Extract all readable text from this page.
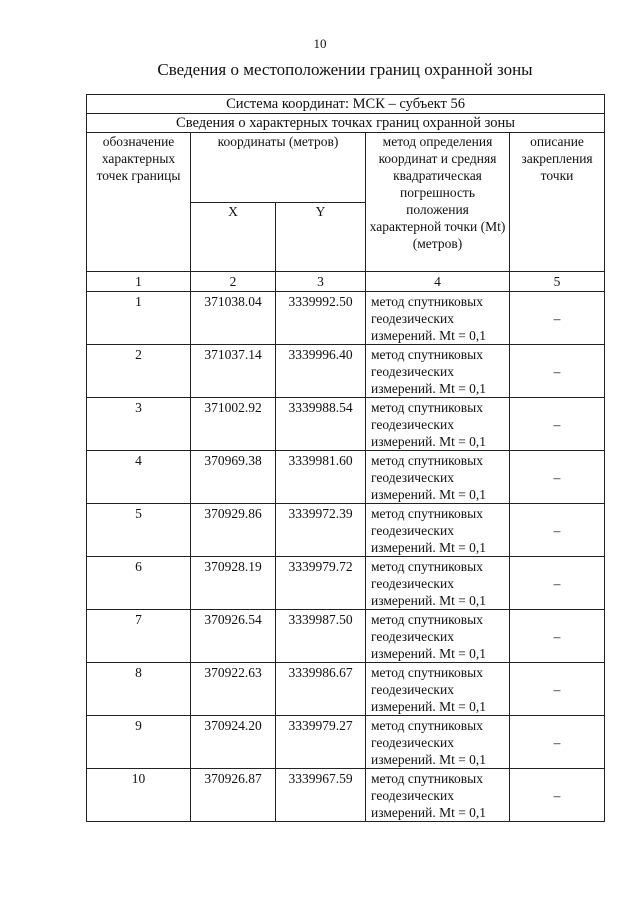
10
Сведения о местоположении границ охранной зоны
Система координат: МСК – субъект 56				
Сведения о характерных точках границ охранной зоны				
обозначение характерных точек границы	координаты (метров)		метод определения координат и средняя квадратическая погрешность положения характерной точки (Mt) (метров)	описание закрепления точки
	X	Y		
1	2	3	4	5
1	371038.04	3339992.50	метод спутниковых геодезических измерений. Mt = 0,1	–
2	371037.14	3339996.40	метод спутниковых геодезических измерений. Mt = 0,1	–
3	371002.92	3339988.54	метод спутниковых геодезических измерений. Mt = 0,1	–
4	370969.38	3339981.60	метод спутниковых геодезических измерений. Mt = 0,1	–
5	370929.86	3339972.39	метод спутниковых геодезических измерений. Mt = 0,1	–
6	370928.19	3339979.72	метод спутниковых геодезических измерений. Mt = 0,1	–
7	370926.54	3339987.50	метод спутниковых геодезических измерений. Mt = 0,1	–
8	370922.63	3339986.67	метод спутниковых геодезических измерений. Mt = 0,1	–
9	370924.20	3339979.27	метод спутниковых геодезических измерений. Mt = 0,1	–
10	370926.87	3339967.59	метод спутниковых геодезических измерений. Mt = 0,1	–
